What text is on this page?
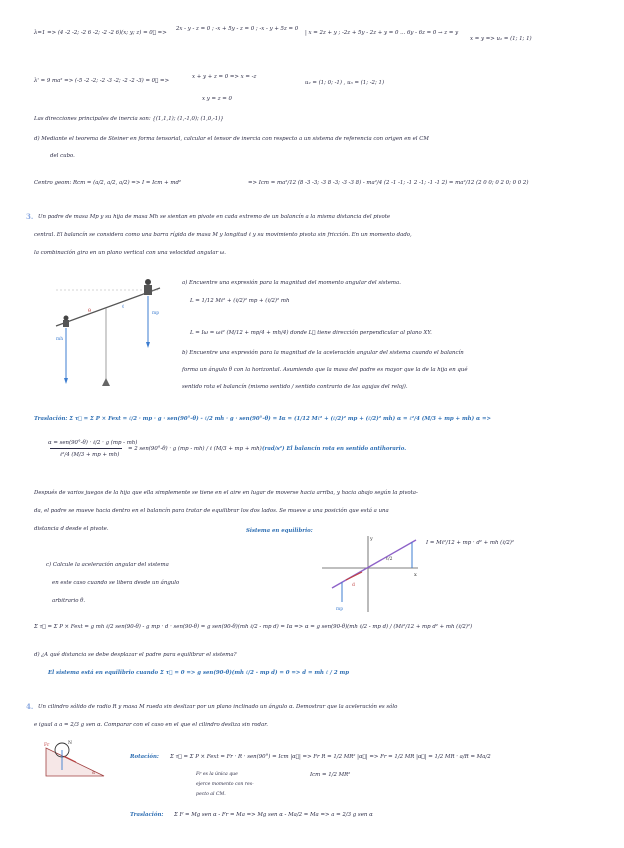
λ=1 => (4 -2 -2; -2 6 -2; -2 -2 6)(x; y; z) = 0⃗ =>
2x - y - z = 0 ; -x + 5y - z = 0 ; -x - y + 5z = 0
| x = 2z + y ; -2z + 5y - 2z + y = 0 ... 6y - 6z = 0 → z = y
x = y => u₁ = (1; 1; 1)
λ' = 9 ma² => (-5 -2 -2; -2 -3 -2; -2 -2 -3) = 0⃗ =>
x + y + z = 0 => x = -z
u₂ = (1; 0; -1) , u₃ = (1; -2; 1)
x y = z = 0
Las direcciones principales de inercia son: {(1,1,1); (1,-1,0); (1,0,-1)}
d) Mediante el teorema de Steiner en forma tensorial, calcular el tensor de inercia con respecto a un sistema de referencia con origen en el CM
del cubo.
Centro geom: Rcm = (a/2, a/2, a/2) => I = Icm + md²	=> Icm = ma²/12 (8 -3 -3; -3 8 -3; -3 -3 8) - ma²/4 (2 -1 -1; -1 2 -1; -1 -1 2) = ma²/12 (2 0 0; 0 2 0; 0 0 2)
3. Un padre de masa Mp y su hija de masa Mh se sientan en pivote en cada extremo de un balancín a la misma distancia del pivote
central. El balancín se considera como una barra rígida de masa M y longitud ℓ y su movimiento pivota sin fricción. En un momento dado,
la combinación gira en un plano vertical con una velocidad angular ω.
ℓ
θ
mh
mp
a) Encuentre una expresión para la magnitud del momento angular del sistema.
L = 1/12 Mℓ² + (ℓ/2)² mp + (ℓ/2)² mh
L = Iω = ωℓ² (M/12 + mp/4 + mh/4) donde L⃗ tiene dirección perpendicular al plano XY.
b) Encuentre una expresión para la magnitud de la aceleración angular del sistema cuando el balancín
forma un ángulo θ con la horizontal. Asumiendo que la masa del padre es mayor que la de la hija en qué
sentido rota el balancín (mismo sentido / sentido contrario de las agujas del reloj).
Traslación: Σ τ⃗ = Σ P × Fext = ℓ/2 · mp · g · sen(90°-θ) - ℓ/2 mh · g · sen(90°-θ) = Iα = (1/12 Mℓ² + (ℓ/2)² mp + (ℓ/2)² mh) α = ℓ²/4 (M/3 + mp + mh) α =>
α = sen(90°-θ) · ℓ/2 · g (mp - mh)
ℓ²/4 (M/3 + mp + mh)
= 2 sen(90°-θ) · g (mp - mh) / ℓ (M/3 + mp + mh) (rad/s²) El balancín rota en sentido antihorario.
Después de varios juegos de la hija que ella simplemente se tiene en el aire en lugar de moverse hacia arriba, y hacia abajo según la pivota-
da, el padre se mueve hacia dentro en el balancín para tratar de equilibrar los dos lados. Se mueve a una posición que está a una
distancia d desde el pivote.	Sistema en equilibrio:
y
x
d
ℓ/2
mp
I = Mℓ²/12 + mp · d² + mh (ℓ/2)²
c) Calcule la aceleración angular del sistema
en este caso cuando se libera desde un ángulo
arbitrario θ.
Σ τ⃗ = Σ P × Fext = g mh ℓ/2 sen(90-θ) - g mp · d · sen(90-θ) = g sen(90-θ)(mh ℓ/2 - mp d) = Iα => α = g sen(90-θ)(mh ℓ/2 - mp d) / (Mℓ²/12 + mp d² + mh (ℓ/2)²)
d) ¿A qué distancia se debe desplazar el padre para equilibrar el sistema?
El sistema está en equilibrio cuando Σ τ⃗ = 0 => g sen(90-θ)(mh ℓ/2 - mp d) = 0 => d = mh ℓ / 2 mp
4. Un cilindro sólido de radio R y masa M rueda sin deslizar por un plano inclinado un ángulo α. Demostrar que la aceleración es sólo
e igual a a = 2/3 g sen α. Comparar con el caso en el que el cilindro desliza sin rodar.
Fr	N
α
Rotación: Σ τ⃗ = Σ P × Fext = Fr · R · sen(90°) = Icm |α⃗| => Fr R = 1/2 MR² |α⃗| => Fr = 1/2 MR |α⃗| = 1/2 MR · a/R = Ma/2
Fr es la única que
ejerce momento con res-
pecto al CM.
Icm = 1/2 MR²
Traslación: Σ F = Mg sen α - Fr = Ma => Mg sen α - Ma/2 = Ma => a = 2/3 g sen α
